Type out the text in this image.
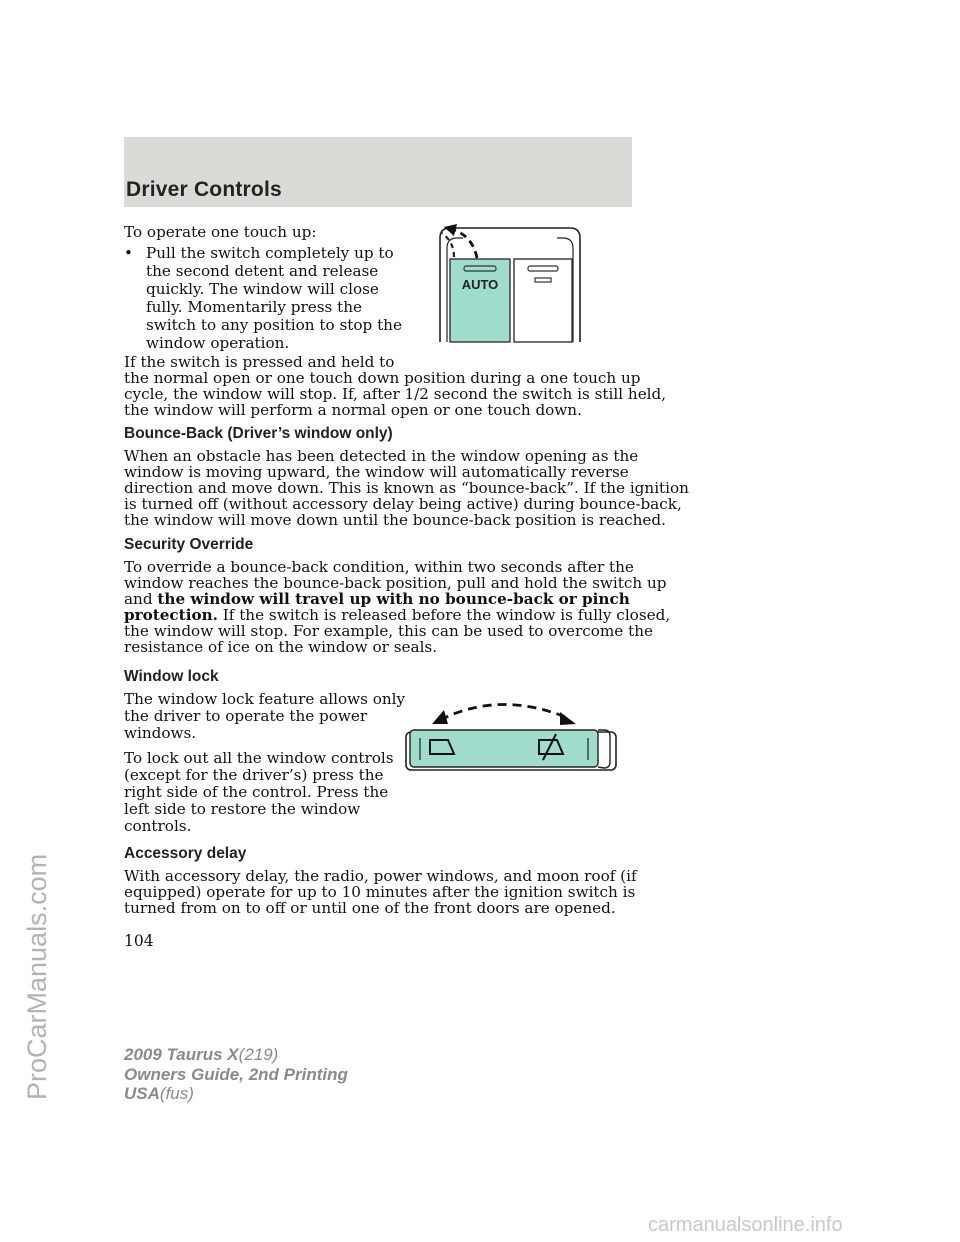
Driver Controls
ProCarManuals.com

To operate one touch up:

• Pull the switch completely up to

the second detent and release

quickly. The window will close

fully. Momentarily press the

switch to any position to stop the

window operation.

If the switch is pressed and held to

the normal open or one touch down position during a one touch up

cycle, the window will stop. If, after 1/2 second the switch is still held,

the window will perform a normal open or one touch down.

AUTO

Bounce-Back (Driver’s window only)

When an obstacle has been detected in the window opening as the

window is moving upward, the window will automatically reverse

direction and move down. This is known as “bounce-back”. If the ignition

is turned off (without accessory delay being active) during bounce-back,

the window will move down until the bounce-back position is reached.

Security Override

To override a bounce-back condition, within two seconds after the

window reaches the bounce-back position, pull and hold the switch up

and the window will travel up with no bounce-back or pinch

protection. If the switch is released before the window is fully closed,

the window will stop. For example, this can be used to overcome the

resistance of ice on the window or seals.

Window lock

The window lock feature allows only

the driver to operate the power

windows.

To lock out all the window controls

(except for the driver’s) press the

right side of the control. Press the

left side to restore the window

controls.

Accessory delay

With accessory delay, the radio, power windows, and moon roof (if

equipped) operate for up to 10 minutes after the ignition switch is

turned from on to off or until one of the front doors are opened.

104
2009 Taurus X(219)
Owners Guide, 2nd Printing
USA(fus)
carmanualsonline.info
